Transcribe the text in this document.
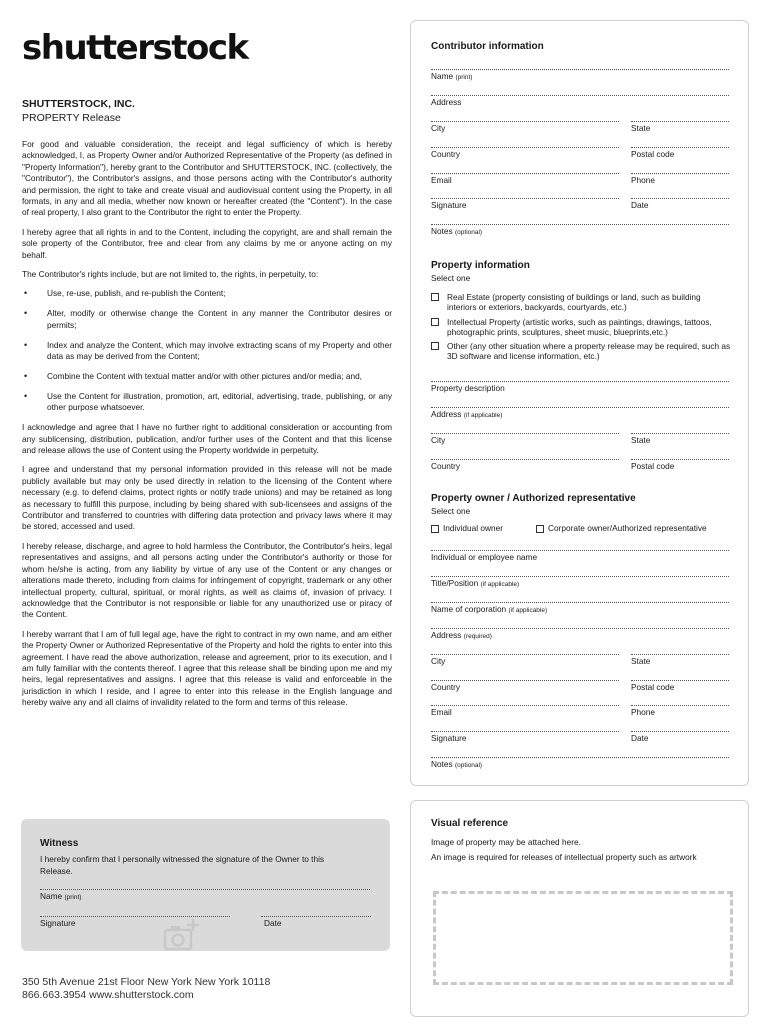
shutterstock
SHUTTERSTOCK, INC.
PROPERTY Release

For good and valuable consideration, the receipt and legal sufficiency of which is hereby acknowledged, I, as Property Owner and/or Authorized Representative of the Property (as defined in "Property Information"), hereby grant to the Contributor and SHUTTERSTOCK, INC. (collectively, the "Contributor"), the Contributor's assigns, and those persons acting with the Contributor's authority and permission, the right to take and create visual and audiovisual content using the Property, in all formats, in any and all media, whether now known or hereafter created (the "Content"). In the case of real property, I also grant to the Contributor the right to enter the Property.

I hereby agree that all rights in and to the Content, including the copyright, are and shall remain the sole property of the Contributor, free and clear from any claims by me or anyone acting on my behalf.

The Contributor's rights include, but are not limited to, the rights, in perpetuity, to:

• Use, re-use, publish, and re-publish the Content;
• Alter, modify or otherwise change the Content in any manner the Contributor desires or permits;
• Index and analyze the Content, which may involve extracting scans of my Property and other data as may be derived from the Content;
• Combine the Content with textual matter and/or with other pictures and/or media; and,
• Use the Content for illustration, promotion, art, editorial, advertising, trade, publishing, or any other purpose whatsoever.

I acknowledge and agree that I have no further right to additional consideration or accounting from any sublicensing, distribution, publication, and/or further uses of the Content and that this license and release allows the use of Content using the Property worldwide in perpetuity.

I agree and understand that my personal information provided in this release will not be made publicly available but may only be used directly in relation to the licensing of the Content where necessary (e.g. to defend claims, protect rights or notify trade unions) and may be retained as long as necessary to fulfill this purpose, including by being shared with sub-licensees and assigns of the Contributor and transferred to countries with differing data protection and privacy laws where it may be stored, accessed and used.

I hereby release, discharge, and agree to hold harmless the Contributor, the Contributor's heirs, legal representatives and assigns, and all persons acting under the Contributor's authority or those for whom he/she is acting, from any liability by virtue of any use of the Content or any changes or alterations made thereto, including from claims for infringement of copyright, trademark or any other intellectual property, cultural, spiritual, or moral rights, as well as claims of, invasion of privacy. I acknowledge that the Contributor is not responsible or liable for any unauthorized use or piracy of the Content.

I hereby warrant that I am of full legal age, have the right to contract in my own name, and am either the Property Owner or Authorized Representative of the Property and hold the rights to enter into this agreement. I have read the above authorization, release and agreement, prior to its execution, and I am fully familiar with the contents thereof. I agree that this release shall be binding upon me and my heirs, legal representatives and assigns. I agree that this release is valid and enforceable in the jurisdiction in which I reside, and I agree to enter into this release in the English language and hereby waive any and all claims of invalidity related to the form and terms of this release.

Witness
I hereby confirm that I personally witnessed the signature of the Owner to this Release.
Name (print)
Signature	Date
350 5th Avenue 21st Floor New York New York 10118
866.663.3954 www.shutterstock.com
Contributor information
Name (print)
Address
City	State
Country	Postal code
Email	Phone
Signature	Date
Notes (optional)
Property information
Select one
Real Estate (property consisting of buildings or land, such as building interiors or exteriors, backyards, courtyards, etc.)
Intellectual Property (artistic works, such as paintings, drawings, tattoos, photographic prints, sculptures, sheet music, blueprints,etc.)
Other (any other situation where a property release may be required, such as 3D software and license information, etc.)
Property description
Address (if applicable)
City	State
Country	Postal code
Property owner / Authorized representative
Select one
Individual owner	Corporate owner/Authorized representative
Individual or employee name
Title/Position (if applicable)
Name of corporation (if applicable)
Address (required)
City	State
Country	Postal code
Email	Phone
Signature	Date
Notes (optional)
Visual reference
Image of property may be attached here.
An image is required for releases of intellectual property such as artwork
